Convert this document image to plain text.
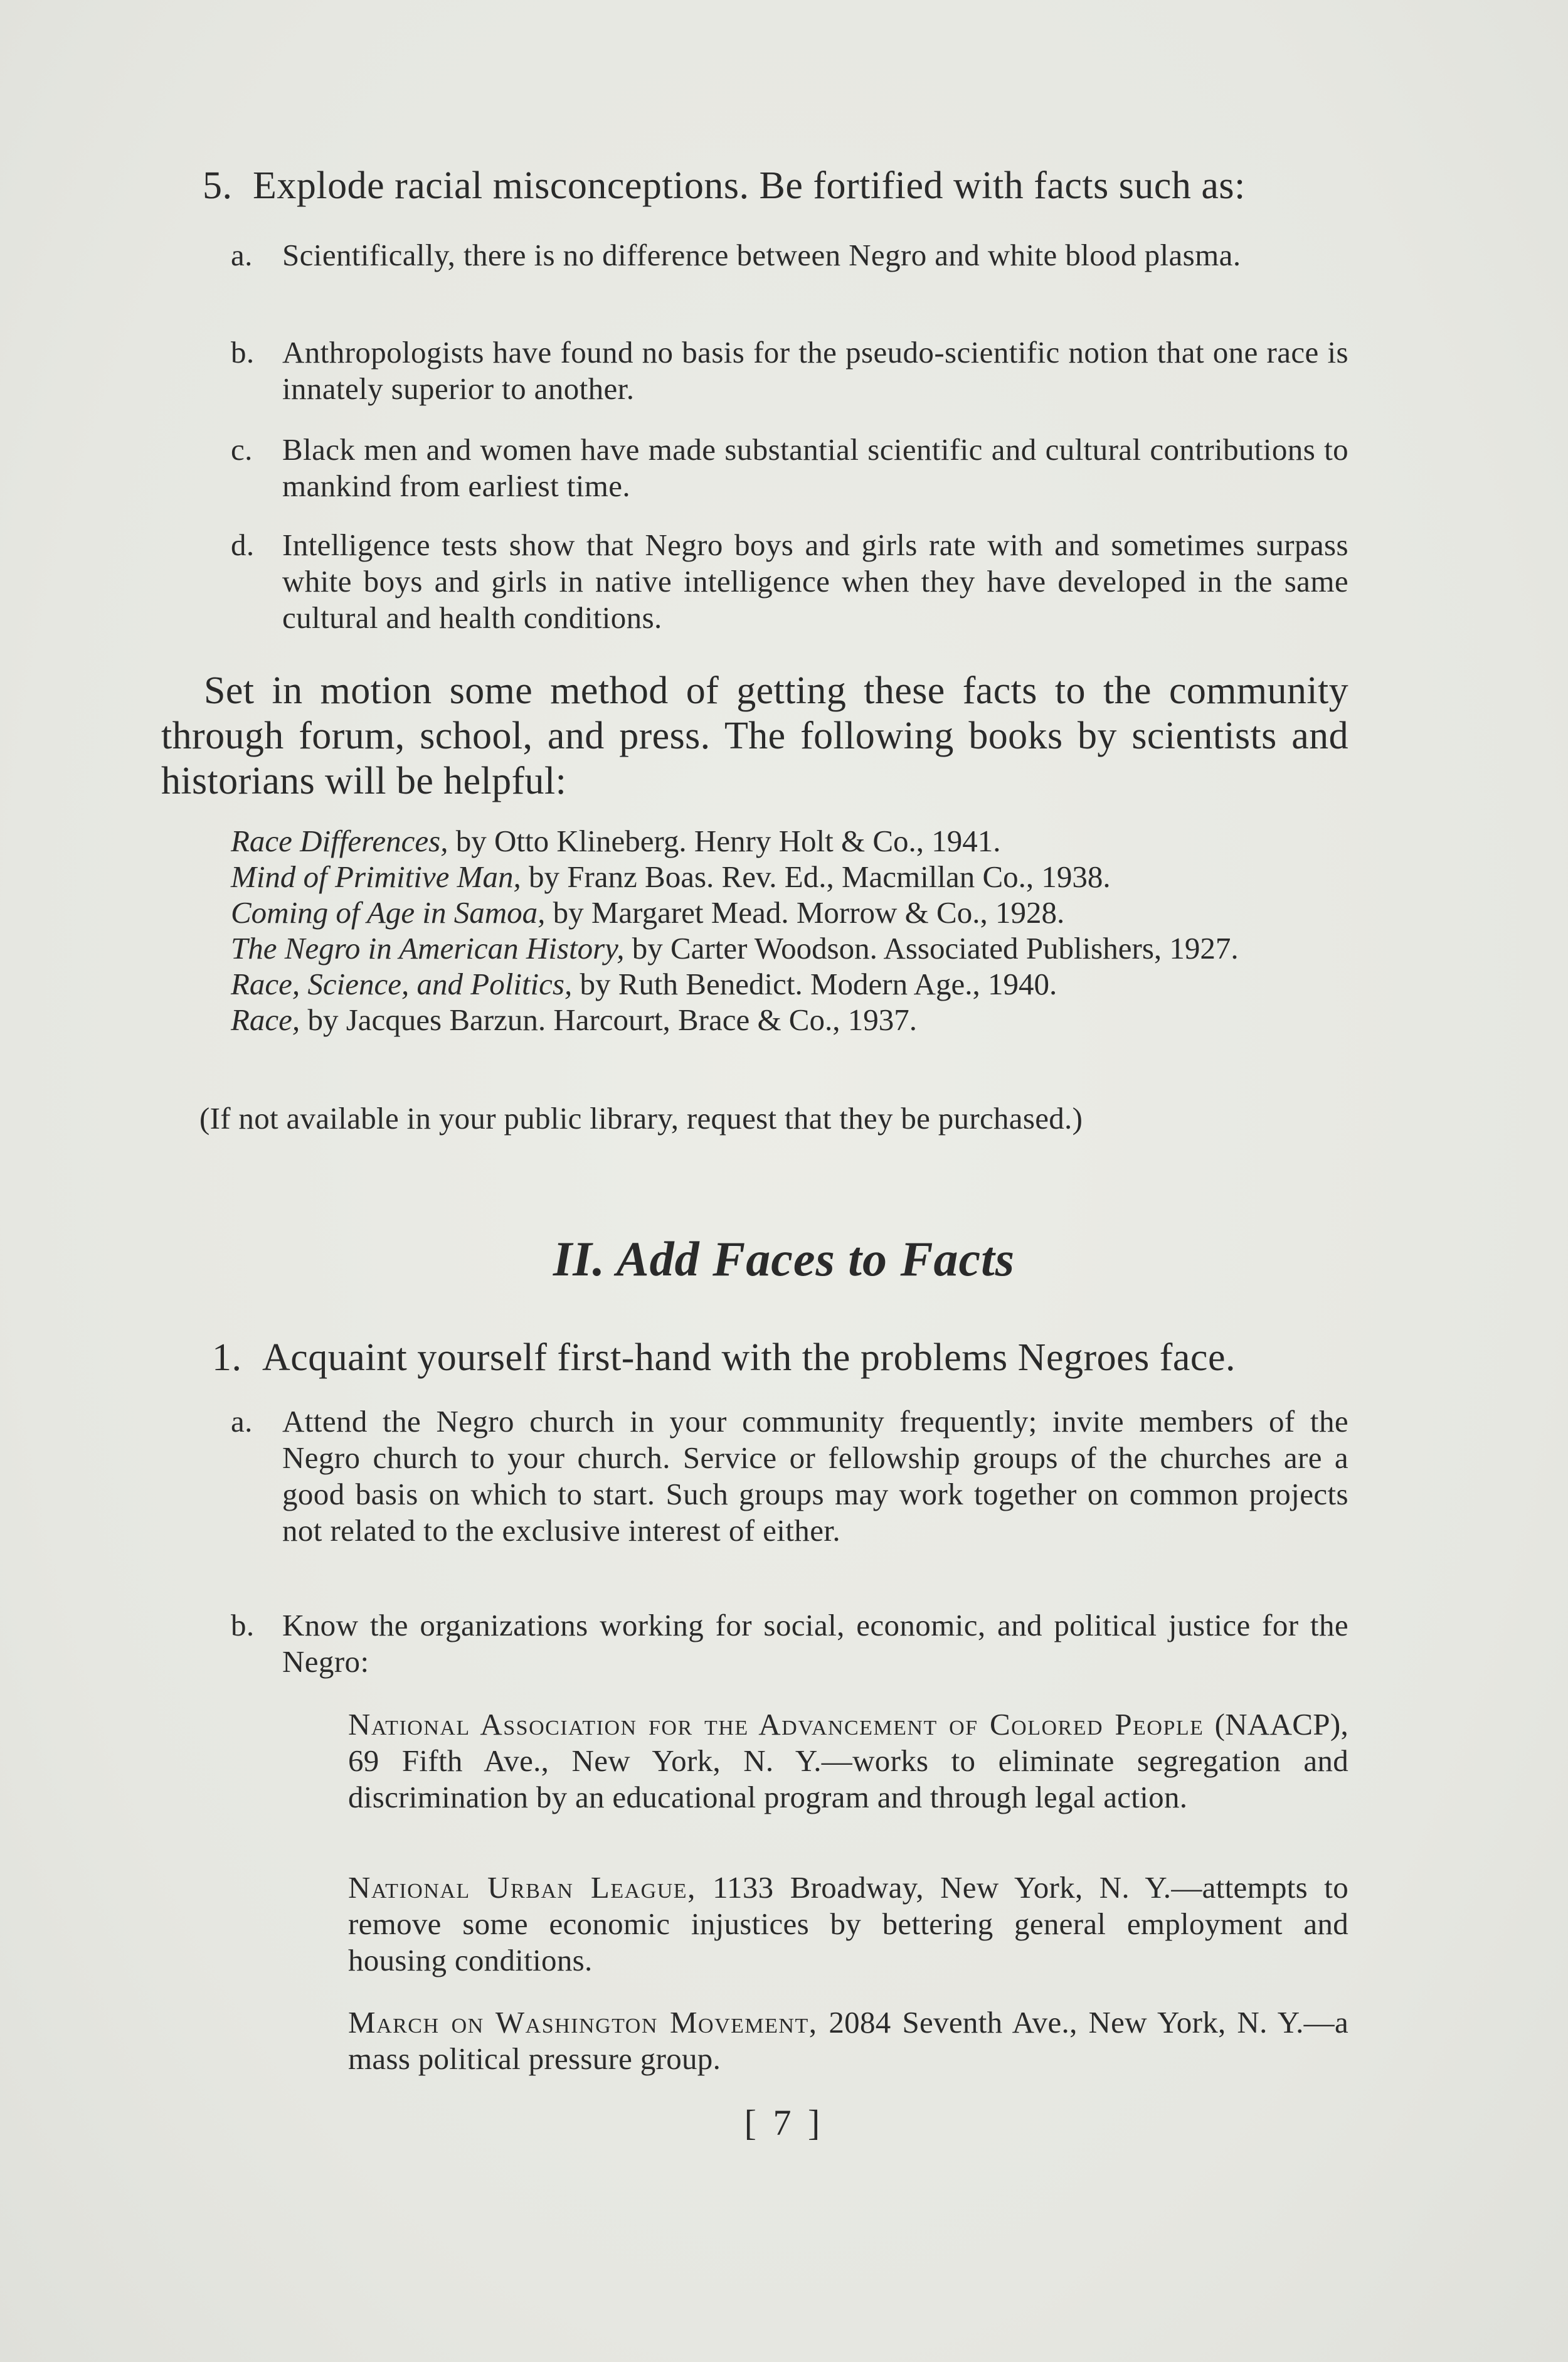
5. Explode racial misconceptions. Be fortified with facts such as:
a. Scientifically, there is no difference between Negro and white blood plasma.
b. Anthropologists have found no basis for the pseudo-scientific notion that one race is innately superior to another.
c. Black men and women have made substantial scientific and cultural contributions to mankind from earliest time.
d. Intelligence tests show that Negro boys and girls rate with and sometimes surpass white boys and girls in native intelligence when they have developed in the same cultural and health conditions.
Set in motion some method of getting these facts to the community through forum, school, and press. The following books by scientists and historians will be helpful:
Race Differences, by Otto Klineberg. Henry Holt & Co., 1941.
Mind of Primitive Man, by Franz Boas. Rev. Ed., Macmillan Co., 1938.
Coming of Age in Samoa, by Margaret Mead. Morrow & Co., 1928.
The Negro in American History, by Carter Woodson. Associated Publishers, 1927.
Race, Science, and Politics, by Ruth Benedict. Modern Age., 1940.
Race, by Jacques Barzun. Harcourt, Brace & Co., 1937.
(If not available in your public library, request that they be purchased.)
II. Add Faces to Facts
1. Acquaint yourself first-hand with the problems Negroes face.
a. Attend the Negro church in your community frequently; invite members of the Negro church to your church. Service or fellowship groups of the churches are a good basis on which to start. Such groups may work together on common projects not related to the exclusive interest of either.
b. Know the organizations working for social, economic, and political justice for the Negro:
National Association for the Advancement of Colored People (NAACP), 69 Fifth Ave., New York, N. Y.—works to eliminate segregation and discrimination by an educational program and through legal action.
National Urban League, 1133 Broadway, New York, N. Y.—attempts to remove some economic injustices by bettering general employment and housing conditions.
March on Washington Movement, 2084 Seventh Ave., New York, N. Y.—a mass political pressure group.
[ 7 ]
